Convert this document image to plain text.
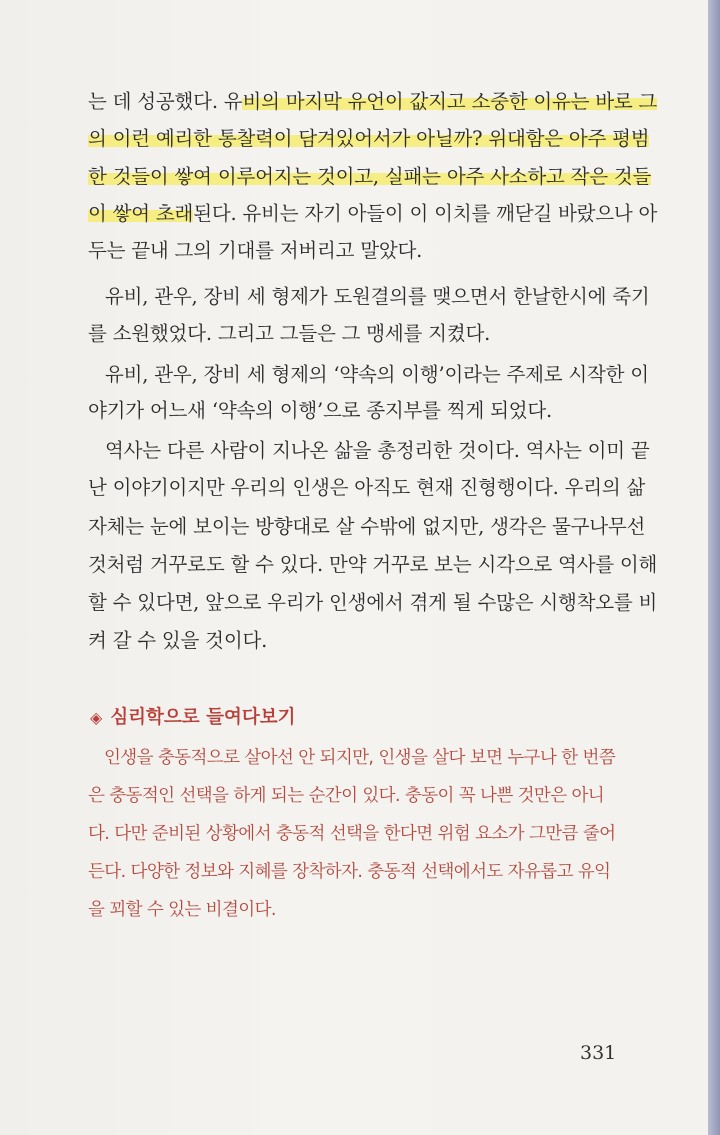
는 데 성공했다. 유비의 마지막 유언이 값지고 소중한 이유는 바로 그
의 이런 예리한 통찰력이 담겨있어서가 아닐까? 위대함은 아주 평범
한 것들이 쌓여 이루어지는 것이고, 실패는 아주 사소하고 작은 것들
이 쌓여 초래된다. 유비는 자기 아들이 이 이치를 깨닫길 바랐으나 아
두는 끝내 그의 기대를 저버리고 말았다.
유비, 관우, 장비 세 형제가 도원결의를 맺으면서 한날한시에 죽기
를 소원했었다. 그리고 그들은 그 맹세를 지켰다.
유비, 관우, 장비 세 형제의 ‘약속의 이행’이라는 주제로 시작한 이
야기가 어느새 ‘약속의 이행’으로 종지부를 찍게 되었다.
역사는 다른 사람이 지나온 삶을 총정리한 것이다. 역사는 이미 끝
난 이야기이지만 우리의 인생은 아직도 현재 진형행이다. 우리의 삶
자체는 눈에 보이는 방향대로 살 수밖에 없지만, 생각은 물구나무선
것처럼 거꾸로도 할 수 있다. 만약 거꾸로 보는 시각으로 역사를 이해
할 수 있다면, 앞으로 우리가 인생에서 겪게 될 수많은 시행착오를 비
켜 갈 수 있을 것이다.
◈ 심리학으로 들여다보기
인생을 충동적으로 살아선 안 되지만, 인생을 살다 보면 누구나 한 번쯤
은 충동적인 선택을 하게 되는 순간이 있다. 충동이 꼭 나쁜 것만은 아니
다. 다만 준비된 상황에서 충동적 선택을 한다면 위험 요소가 그만큼 줄어
든다. 다양한 정보와 지혜를 장착하자. 충동적 선택에서도 자유롭고 유익
을 꾀할 수 있는 비결이다.
331
